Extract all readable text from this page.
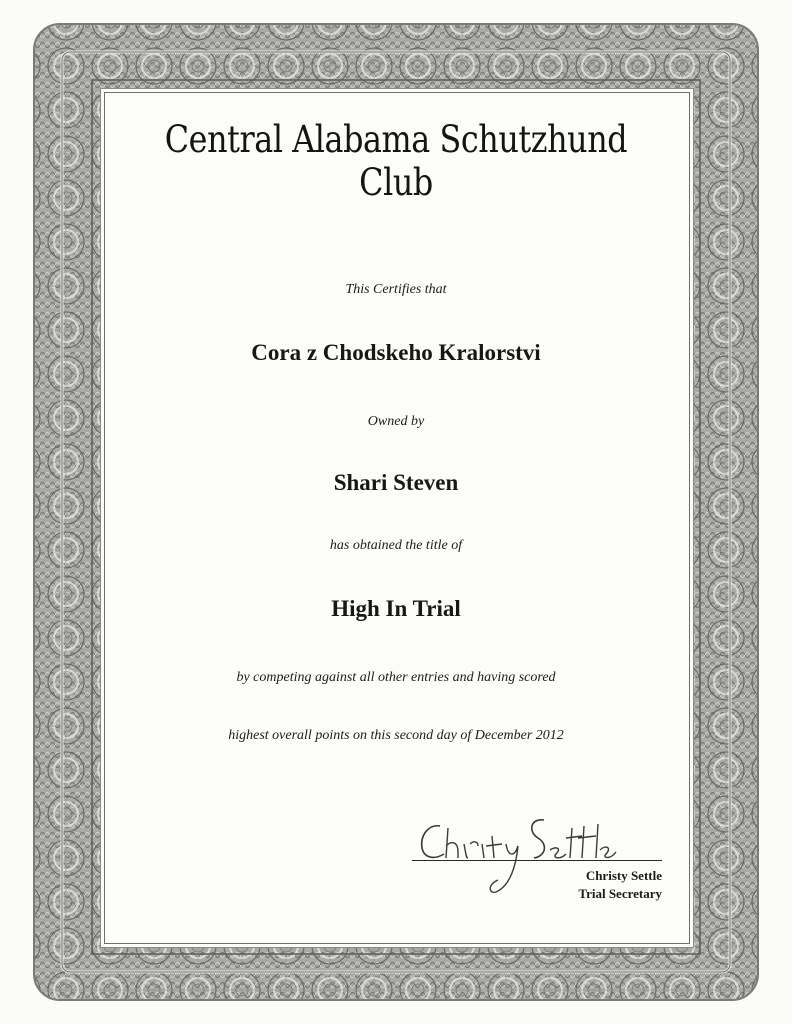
Central Alabama Schutzhund Club
This Certifies that
Cora z Chodskeho Kralorstvi
Owned by
Shari Steven
has obtained the title of
High In Trial
by competing against all other entries and having scored
highest overall points on this second day of December 2012
Christy Settle
Trial Secretary
